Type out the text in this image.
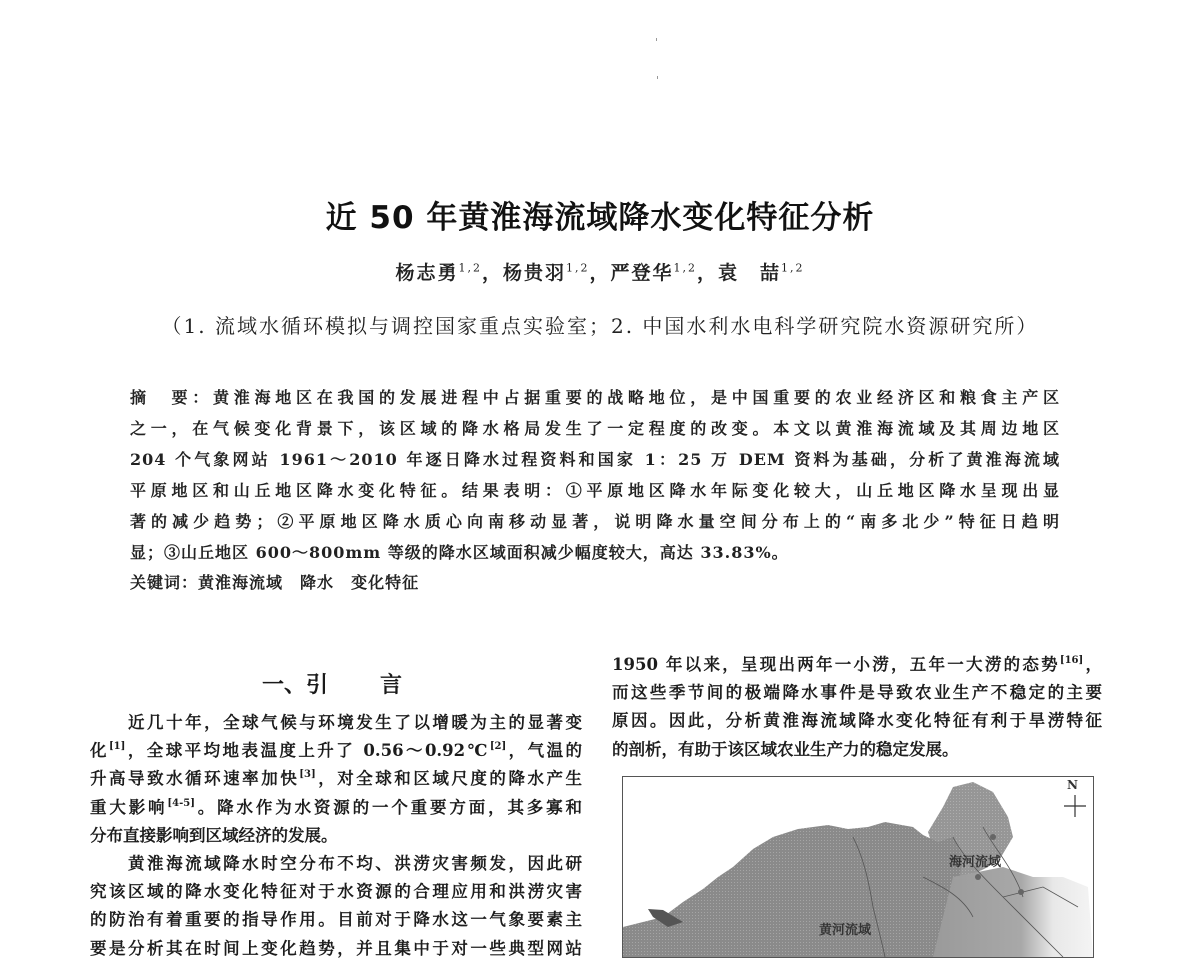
近 50 年黄淮海流域降水变化特征分析
杨志勇$^{1,2}$，杨贵羽$^{1,2}$，严登华$^{1,2}$，袁　喆$^{1,2}$
（1. 流域水循环模拟与调控国家重点实验室；2. 中国水利水电科学研究院水资源研究所）
摘　要：黄淮海地区在我国的发展进程中占据重要的战略地位，是中国重要的农业经济区和粮食主产区
之一，在气候变化背景下，该区域的降水格局发生了一定程度的改变。本文以黄淮海流域及其周边地区
204 个气象网站 1961～2010 年逐日降水过程资料和国家 1：25 万 DEM 资料为基础，分析了黄淮海流域
平原地区和山丘地区降水变化特征。结果表明：①平原地区降水年际变化较大，山丘地区降水呈现出显
著的减少趋势；②平原地区降水质心向南移动显著，说明降水量空间分布上的“南多北少”特征日趋明
显；③山丘地区 600～800mm 等级的降水区域面积减少幅度较大，高达 33.83%。
关键词：黄淮海流域　 降水　 变化特征
一、引 言
　　近几十年，全球气候与环境发生了以增暖为主的显著变
化[1]，全球平均地表温度上升了 0.56～0.92℃[2]，气温的
升高导致水循环速率加快[3]，对全球和区域尺度的降水产生
重大影响[4-5]。降水作为水资源的一个重要方面，其多寡和
分布直接影响到区域经济的发展。
　　黄淮海流域降水时空分布不均、洪涝灾害频发，因此研
究该区域的降水变化特征对于水资源的合理应用和洪涝灾害
的防治有着重要的指导作用。目前对于降水这一气象要素主
要是分析其在时间上变化趋势，并且集中于对一些典型网站
1950 年以来，呈现出两年一小涝，五年一大涝的态势[16]，
而这些季节间的极端降水事件是导致农业生产不稳定的主要
原因。因此，分析黄淮海流域降水变化特征有利于旱涝特征
的剖析，有助于该区域农业生产力的稳定发展。
N
海河流域
黄河流域
